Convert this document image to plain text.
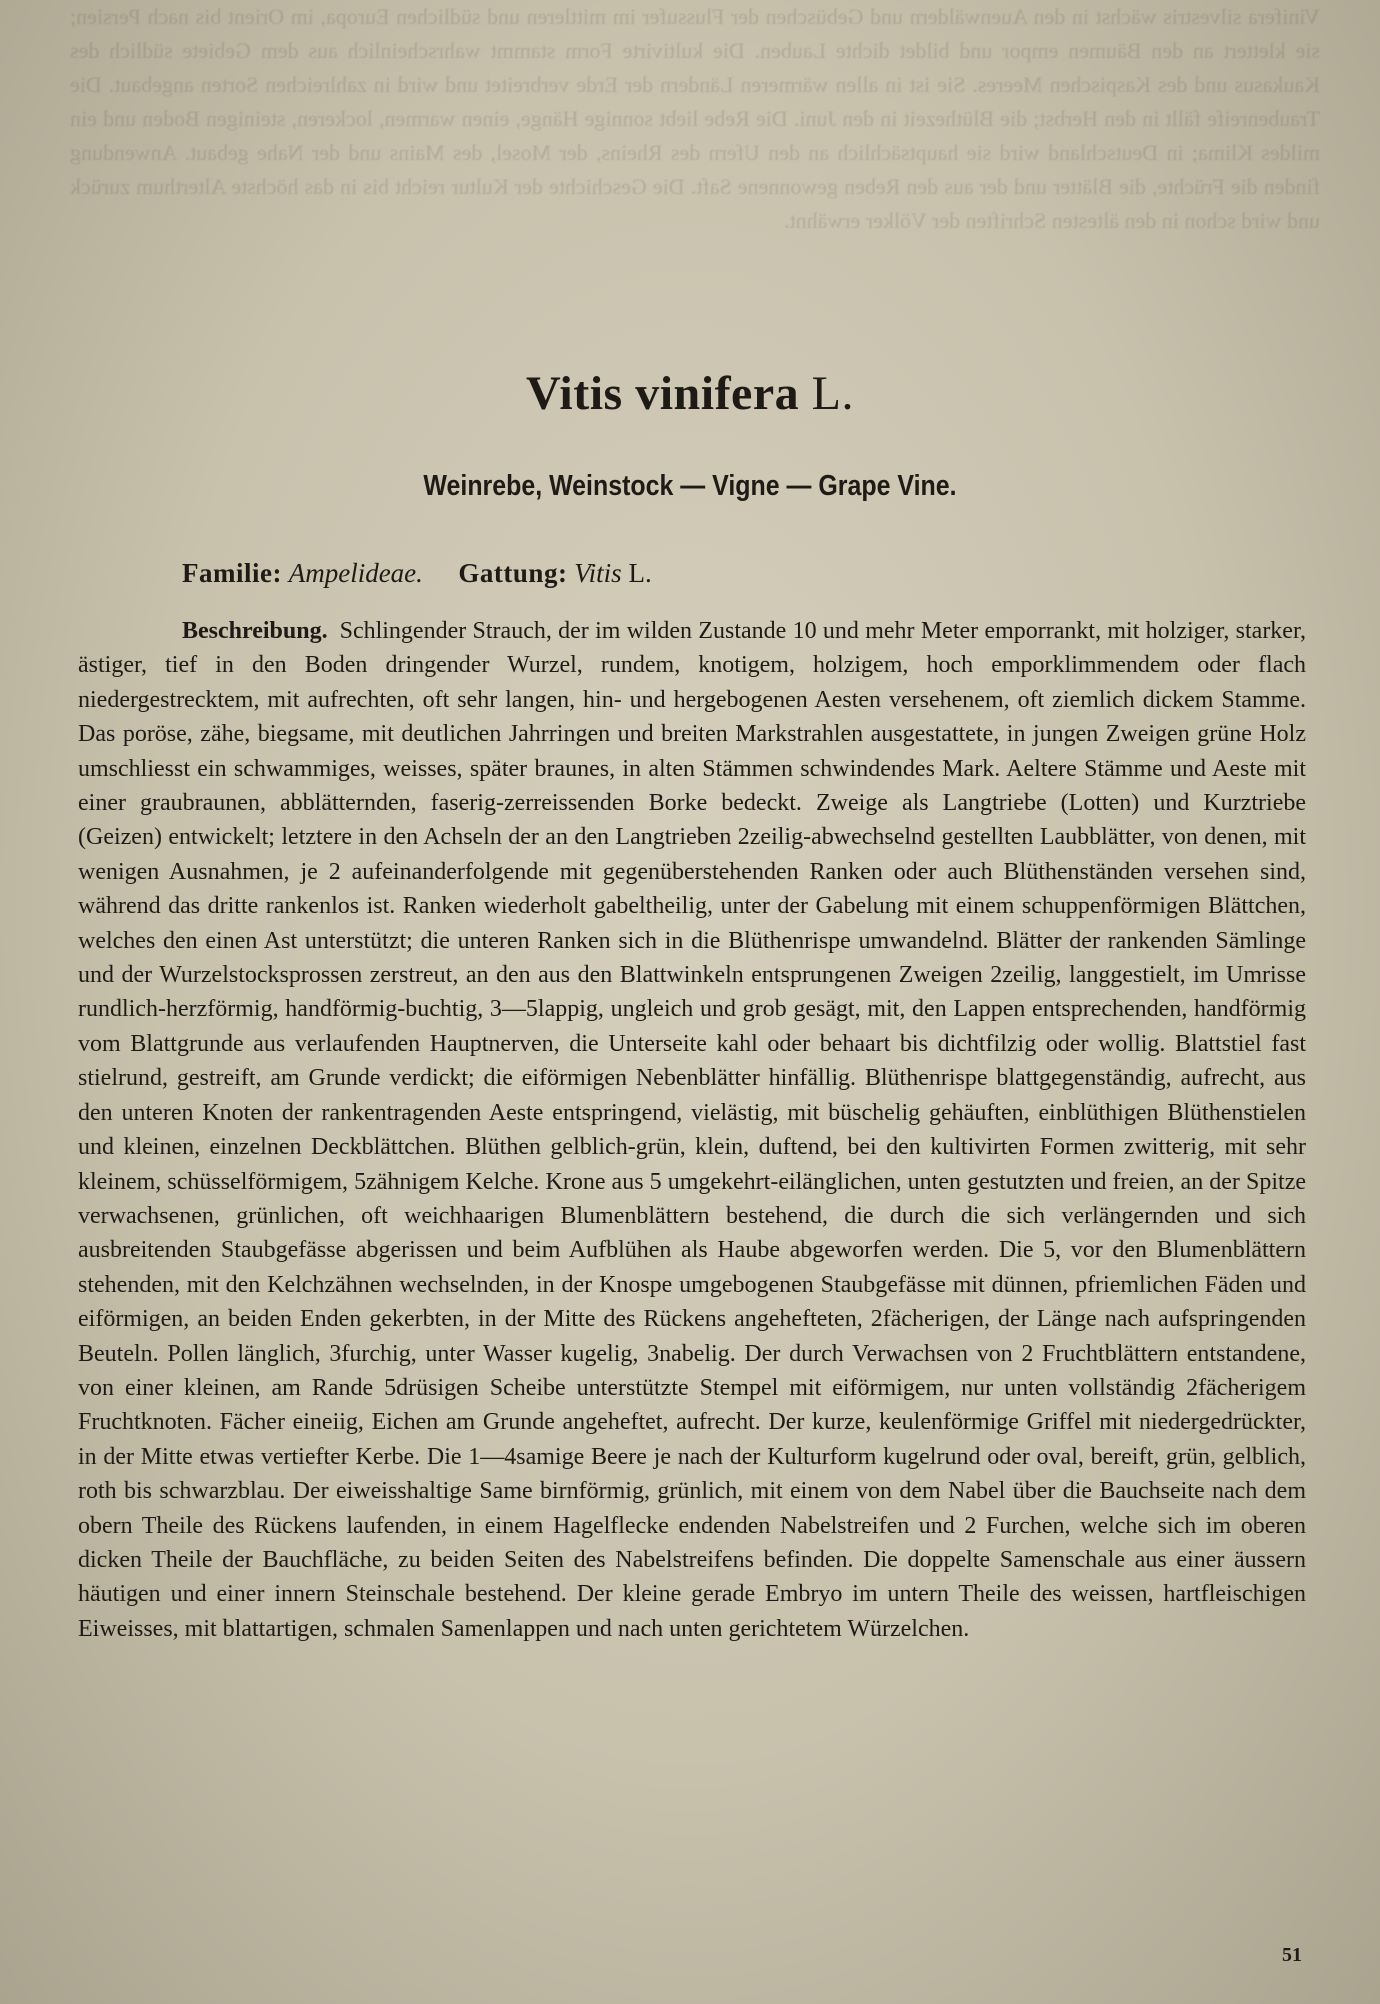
Vinifera silvestris wächst in den Auenwäldern und Gebüschen der Flussufer im mittleren und südlichen Europa, im Orient bis nach Persien; sie klettert an den Bäumen empor und bildet dichte Lauben. Die kultivirte Form stammt wahrscheinlich aus dem Gebiete südlich des Kaukasus und des Kaspischen Meeres. Sie ist in allen wärmeren Ländern der Erde verbreitet und wird in zahlreichen Sorten angebaut. Die Traubenreife fällt in den Herbst; die Blüthezeit in den Juni. Die Rebe liebt sonnige Hänge, einen warmen, lockeren, steinigen Boden und ein mildes Klima; in Deutschland wird sie hauptsächlich an den Ufern des Rheins, der Mosel, des Mains und der Nahe gebaut. Anwendung finden die Früchte, die Blätter und der aus den Reben gewonnene Saft. Die Geschichte der Kultur reicht bis in das höchste Alterthum zurück und wird schon in den ältesten Schriften der Völker erwähnt.
Vitis vinifera L.
Weinrebe, Weinstock — Vigne — Grape Vine.
Familie: Ampelideae. Gattung: Vitis L.
Beschreibung. Schlingender Strauch, der im wilden Zustande 10 und mehr Meter emporrankt, mit holziger, starker, ästiger, tief in den Boden dringender Wurzel, rundem, knotigem, holzigem, hoch emporklimmendem oder flach niedergestrecktem, mit aufrechten, oft sehr langen, hin- und hergebogenen Aesten versehenem, oft ziemlich dickem Stamme. Das poröse, zähe, biegsame, mit deutlichen Jahrringen und breiten Markstrahlen ausgestattete, in jungen Zweigen grüne Holz umschliesst ein schwammiges, weisses, später braunes, in alten Stämmen schwindendes Mark. Aeltere Stämme und Aeste mit einer graubraunen, abblätternden, faserig-zerreissenden Borke bedeckt. Zweige als Langtriebe (Lotten) und Kurztriebe (Geizen) entwickelt; letztere in den Achseln der an den Langtrieben 2zeilig-abwechselnd gestellten Laubblätter, von denen, mit wenigen Ausnahmen, je 2 aufeinanderfolgende mit gegenüberstehenden Ranken oder auch Blüthenständen versehen sind, während das dritte rankenlos ist. Ranken wiederholt gabeltheilig, unter der Gabelung mit einem schuppenförmigen Blättchen, welches den einen Ast unterstützt; die unteren Ranken sich in die Blüthenrispe umwandelnd. Blätter der rankenden Sämlinge und der Wurzelstocksprossen zerstreut, an den aus den Blattwinkeln entsprungenen Zweigen 2zeilig, langgestielt, im Umrisse rundlich-herzförmig, handförmig-buchtig, 3—5lappig, ungleich und grob gesägt, mit, den Lappen entsprechenden, handförmig vom Blattgrunde aus verlaufenden Hauptnerven, die Unterseite kahl oder behaart bis dichtfilzig oder wollig. Blattstiel fast stielrund, gestreift, am Grunde verdickt; die eiförmigen Nebenblätter hinfällig. Blüthenrispe blattgegenständig, aufrecht, aus den unteren Knoten der rankentragenden Aeste entspringend, vielästig, mit büschelig gehäuften, einblüthigen Blüthenstielen und kleinen, einzelnen Deckblättchen. Blüthen gelblich-grün, klein, duftend, bei den kultivirten Formen zwitterig, mit sehr kleinem, schüsselförmigem, 5zähnigem Kelche. Krone aus 5 umgekehrt-eilänglichen, unten gestutzten und freien, an der Spitze verwachsenen, grünlichen, oft weichhaarigen Blumenblättern bestehend, die durch die sich verlängernden und sich ausbreitenden Staubgefässe abgerissen und beim Aufblühen als Haube abgeworfen werden. Die 5, vor den Blumenblättern stehenden, mit den Kelchzähnen wechselnden, in der Knospe umgebogenen Staubgefässe mit dünnen, pfriemlichen Fäden und eiförmigen, an beiden Enden gekerbten, in der Mitte des Rückens angehefteten, 2fächerigen, der Länge nach aufspringenden Beuteln. Pollen länglich, 3furchig, unter Wasser kugelig, 3nabelig. Der durch Verwachsen von 2 Fruchtblättern entstandene, von einer kleinen, am Rande 5drüsigen Scheibe unterstützte Stempel mit eiförmigem, nur unten vollständig 2fächerigem Fruchtknoten. Fächer eineiig, Eichen am Grunde angeheftet, aufrecht. Der kurze, keulenförmige Griffel mit niedergedrückter, in der Mitte etwas vertiefter Kerbe. Die 1—4samige Beere je nach der Kulturform kugelrund oder oval, bereift, grün, gelblich, roth bis schwarzblau. Der eiweisshaltige Same birnförmig, grünlich, mit einem von dem Nabel über die Bauchseite nach dem obern Theile des Rückens laufenden, in einem Hagelflecke endenden Nabelstreifen und 2 Furchen, welche sich im oberen dicken Theile der Bauchfläche, zu beiden Seiten des Nabelstreifens befinden. Die doppelte Samenschale aus einer äussern häutigen und einer innern Steinschale bestehend. Der kleine gerade Embryo im untern Theile des weissen, hartfleischigen Eiweisses, mit blattartigen, schmalen Samenlappen und nach unten gerichtetem Würzelchen.
51
